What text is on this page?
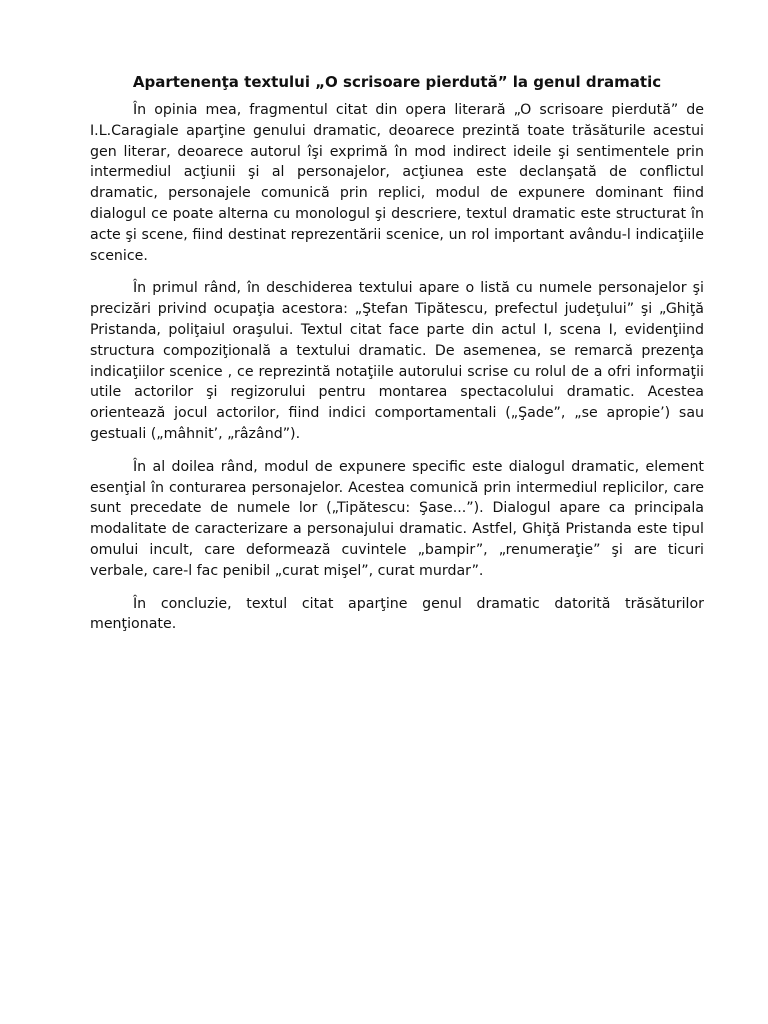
Apartenenţa textului „O scrisoare pierdută” la genul dramatic

În opinia mea, fragmentul citat din opera literară „O scrisoare pierdută” de I.L.Caragiale aparţine genului dramatic, deoarece prezintă toate trăsăturile acestui gen literar, deoarece autorul îşi exprimă în mod indirect ideile şi sentimentele prin intermediul acţiunii şi al personajelor, acţiunea este declanşată de conflictul dramatic, personajele comunică prin replici, modul de expunere dominant fiind dialogul ce poate alterna cu monologul şi descriere, textul dramatic este structurat în acte şi scene, fiind destinat reprezentării scenice, un rol important avându-l indicaţiile scenice.

În primul rând, în deschiderea textului apare o listă cu numele personajelor şi precizări privind ocupaţia acestora: „Ştefan Tipătescu, prefectul judeţului” şi „Ghiţă Pristanda, poliţaiul oraşului. Textul citat face parte din actul I, scena I, evidenţiind structura compoziţională a textului dramatic. De asemenea, se remarcă prezenţa indicaţiilor scenice , ce reprezintă notaţiile autorului scrise cu rolul de a ofri informaţii utile actorilor şi regizorului pentru montarea spectacolului dramatic. Acestea orientează jocul actorilor, fiind indici comportamentali („Şade”, „se apropie’) sau gestuali („mâhnit’, „râzând”).

În al doilea rând, modul de expunere specific este dialogul dramatic, element esenţial în conturarea personajelor. Acestea comunică prin intermediul replicilor, care sunt precedate de numele lor („Tipătescu: Şase...”). Dialogul apare ca principala modalitate de caracterizare a personajului dramatic. Astfel, Ghiţă Pristanda este tipul omului incult, care deformează cuvintele „bampir”, „renumeraţie” şi are ticuri verbale, care-l fac penibil „curat mişel”, curat murdar”.

În concluzie, textul citat aparţine genul dramatic datorită trăsăturilor menţionate.
